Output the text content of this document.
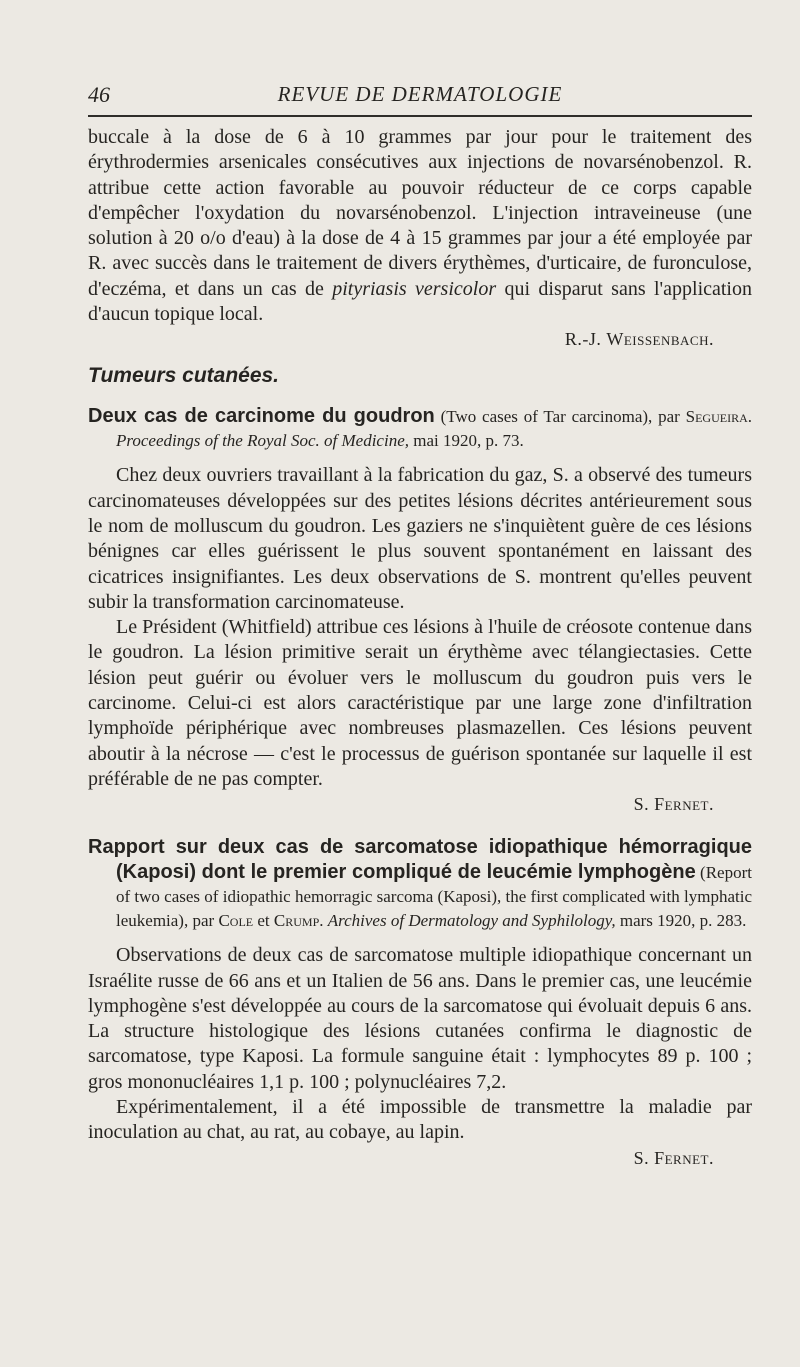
46	REVUE DE DERMATOLOGIE

buccale à la dose de 6 à 10 grammes par jour pour le traitement des érythrodermies arsenicales consécutives aux injections de novarsénobenzol. R. attribue cette action favorable au pouvoir réducteur de ce corps capable d'empêcher l'oxydation du novarsénobenzol. L'injection intraveineuse (une solution à 20 o/o d'eau) à la dose de 4 à 15 grammes par jour a été employée par R. avec succès dans le traitement de divers érythèmes, d'urticaire, de furonculose, d'eczéma, et dans un cas de pityriasis versicolor qui disparut sans l'application d'aucun topique local.

R.-J. Weissenbach.

Tumeurs cutanées.

Deux cas de carcinome du goudron (Two cases of Tar carcinoma), par Segueira. Proceedings of the Royal Soc. of Medicine, mai 1920, p. 73.

Chez deux ouvriers travaillant à la fabrication du gaz, S. a observé des tumeurs carcinomateuses développées sur des petites lésions décrites antérieurement sous le nom de molluscum du goudron. Les gaziers ne s'inquiètent guère de ces lésions bénignes car elles guérissent le plus souvent spontanément en laissant des cicatrices insignifiantes. Les deux observations de S. montrent qu'elles peuvent subir la transformation carcinomateuse.

Le Président (Whitfield) attribue ces lésions à l'huile de créosote contenue dans le goudron. La lésion primitive serait un érythème avec télangiectasies. Cette lésion peut guérir ou évoluer vers le molluscum du goudron puis vers le carcinome. Celui-ci est alors caractéristique par une large zone d'infiltration lymphoïde périphérique avec nombreuses plasmazellen. Ces lésions peuvent aboutir à la nécrose — c'est le processus de guérison spontanée sur laquelle il est préférable de ne pas compter.

S. Fernet.

Rapport sur deux cas de sarcomatose idiopathique hémorragique (Kaposi) dont le premier compliqué de leucémie lymphogène (Report of two cases of idiopathic hemorragic sarcoma (Kaposi), the first complicated with lymphatic leukemia), par Cole et Crump. Archives of Dermatology and Syphilology, mars 1920, p. 283.

Observations de deux cas de sarcomatose multiple idiopathique concernant un Israélite russe de 66 ans et un Italien de 56 ans. Dans le premier cas, une leucémie lymphogène s'est développée au cours de la sarcomatose qui évoluait depuis 6 ans. La structure histologique des lésions cutanées confirma le diagnostic de sarcomatose, type Kaposi. La formule sanguine était : lymphocytes 89 p. 100 ; gros mononucléaires 1,1 p. 100 ; polynucléaires 7,2.

Expérimentalement, il a été impossible de transmettre la maladie par inoculation au chat, au rat, au cobaye, au lapin.

S. Fernet.
